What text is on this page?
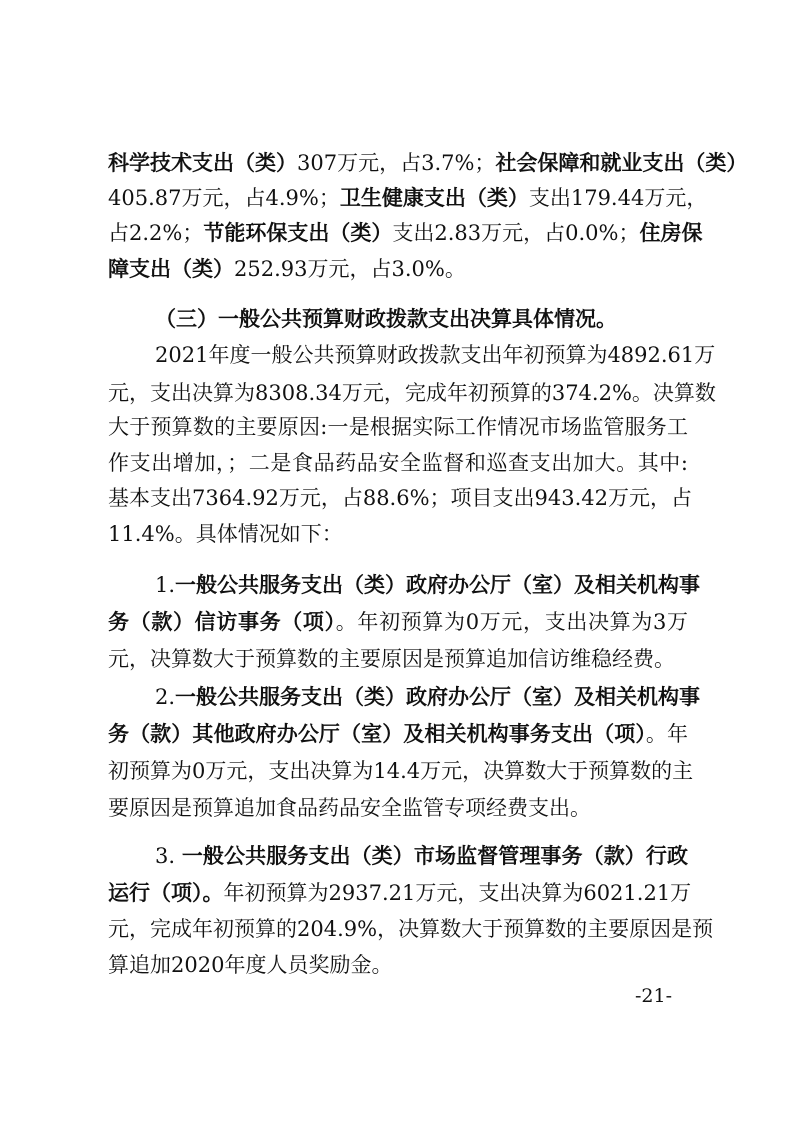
科学技术支出（类）307万元，占3.7%；社会保障和就业支出（类）
405.87万元，占4.9%；卫生健康支出（类）支出179.44万元，
占2.2%；节能环保支出（类）支出2.83万元，占0.0%；住房保
障支出（类）252.93万元，占3.0%。
（三）一般公共预算财政拨款支出决算具体情况。
2021年度一般公共预算财政拨款支出年初预算为4892.61万
元，支出决算为8308.34万元，完成年初预算的374.2%。决算数
大于预算数的主要原因:一是根据实际工作情况市场监管服务工
作支出增加，；二是食品药品安全监督和巡查支出加大。其中:
基本支出7364.92万元，占88.6%；项目支出943.42万元，占
11.4%。具体情况如下：
1.一般公共服务支出（类）政府办公厅（室）及相关机构事
务（款）信访事务（项）。年初预算为0万元，支出决算为3万
元，决算数大于预算数的主要原因是预算追加信访维稳经费。
2.一般公共服务支出（类）政府办公厅（室）及相关机构事
务（款）其他政府办公厅（室）及相关机构事务支出（项）。年
初预算为0万元，支出决算为14.4万元，决算数大于预算数的主
要原因是预算追加食品药品安全监管专项经费支出。
3. 一般公共服务支出（类）市场监督管理事务（款）行政
运行（项）。年初预算为2937.21万元，支出决算为6021.21万
元，完成年初预算的204.9%，决算数大于预算数的主要原因是预
算追加2020年度人员奖励金。
-21-
